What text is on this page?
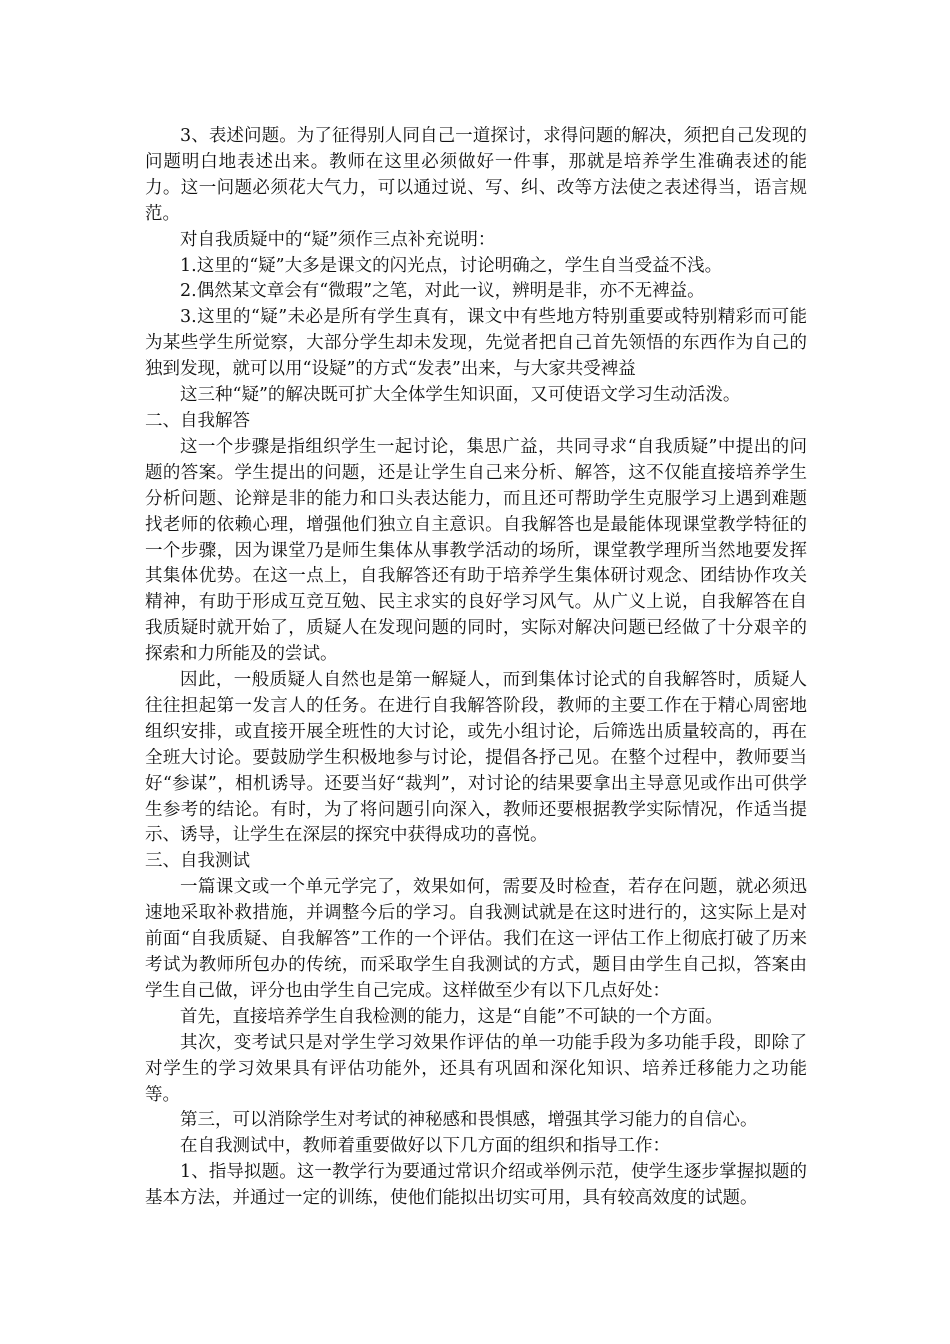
3、表述问题。为了征得别人同自己一道探讨，求得问题的解决，须把自己发现的问题明白地表述出来。教师在这里必须做好一件事，那就是培养学生准确表述的能力。这一问题必须花大气力，可以通过说、写、纠、改等方法使之表述得当，语言规范。

对自我质疑中的“疑”须作三点补充说明：

1.这里的“疑”大多是课文的闪光点，讨论明确之，学生自当受益不浅。

2.偶然某文章会有“微瑕”之笔，对此一议，辨明是非，亦不无裨益。

3.这里的“疑”未必是所有学生真有，课文中有些地方特别重要或特别精彩而可能为某些学生所觉察，大部分学生却未发现，先觉者把自己首先领悟的东西作为自己的独到发现，就可以用“设疑”的方式“发表”出来，与大家共受裨益

这三种“疑”的解决既可扩大全体学生知识面，又可使语文学习生动活泼。

二、自我解答

这一个步骤是指组织学生一起讨论，集思广益，共同寻求“自我质疑”中提出的问题的答案。学生提出的问题，还是让学生自己来分析、解答，这不仅能直接培养学生分析问题、论辩是非的能力和口头表达能力，而且还可帮助学生克服学习上遇到难题找老师的依赖心理，增强他们独立自主意识。自我解答也是最能体现课堂教学特征的一个步骤，因为课堂乃是师生集体从事教学活动的场所，课堂教学理所当然地要发挥其集体优势。在这一点上，自我解答还有助于培养学生集体研讨观念、团结协作攻关精神，有助于形成互竞互勉、民主求实的良好学习风气。从广义上说，自我解答在自我质疑时就开始了，质疑人在发现问题的同时，实际对解决问题已经做了十分艰辛的探索和力所能及的尝试。

因此，一般质疑人自然也是第一解疑人，而到集体讨论式的自我解答时，质疑人往往担起第一发言人的任务。在进行自我解答阶段，教师的主要工作在于精心周密地组织安排，或直接开展全班性的大讨论，或先小组讨论，后筛选出质量较高的，再在全班大讨论。要鼓励学生积极地参与讨论，提倡各抒己见。在整个过程中，教师要当好“参谋”，相机诱导。还要当好“裁判”，对讨论的结果要拿出主导意见或作出可供学生参考的结论。有时，为了将问题引向深入，教师还要根据教学实际情况，作适当提示、诱导，让学生在深层的探究中获得成功的喜悦。

三、自我测试

一篇课文或一个单元学完了，效果如何，需要及时检查，若存在问题，就必须迅速地采取补救措施，并调整今后的学习。自我测试就是在这时进行的，这实际上是对前面“自我质疑、自我解答”工作的一个评估。我们在这一评估工作上彻底打破了历来考试为教师所包办的传统，而采取学生自我测试的方式，题目由学生自己拟，答案由学生自己做，评分也由学生自己完成。这样做至少有以下几点好处：

首先，直接培养学生自我检测的能力，这是“自能”不可缺的一个方面。

其次，变考试只是对学生学习效果作评估的单一功能手段为多功能手段，即除了对学生的学习效果具有评估功能外，还具有巩固和深化知识、培养迁移能力之功能等。

第三，可以消除学生对考试的神秘感和畏惧感，增强其学习能力的自信心。

在自我测试中，教师着重要做好以下几方面的组织和指导工作：

1、指导拟题。这一教学行为要通过常识介绍或举例示范，使学生逐步掌握拟题的基本方法，并通过一定的训练，使他们能拟出切实可用，具有较高效度的试题。
